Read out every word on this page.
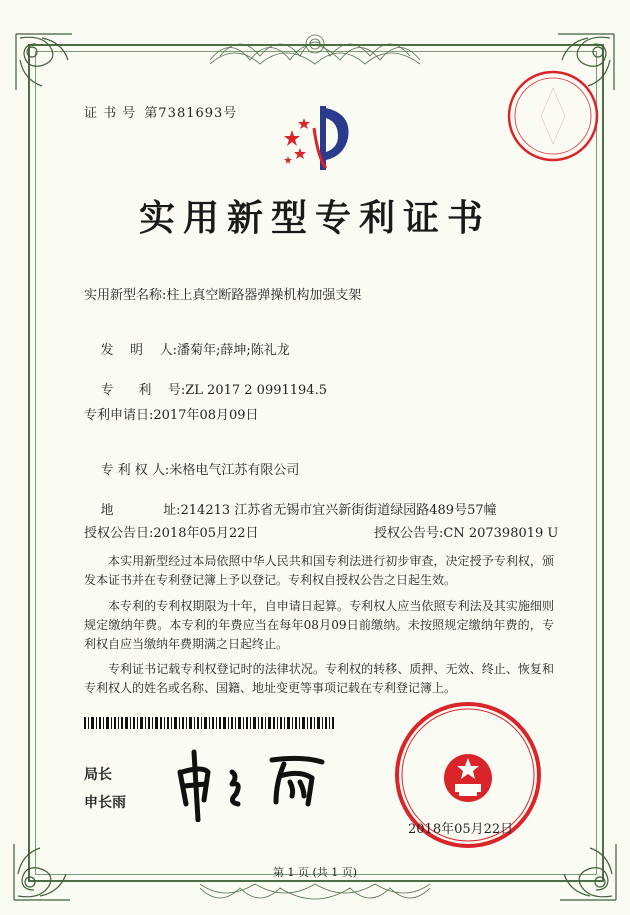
证 书 号 第7381693号
实用新型专利证书
实用新型名称:柱上真空断路器弹操机构加强支架

发    明    人:潘菊年;薛坤;陈礼龙

专      利    号:ZL 2017 2 0991194.5

专利申请日:2017年08月09日

专 利 权 人:米格电气江苏有限公司

地            址:214213 江苏省无锡市宜兴新街街道绿园路489号57幢

授权公告日:2018年05月22日	授权公告号:CN 207398019 U

本实用新型经过本局依照中华人民共和国专利法进行初步审查，决定授予专利权，颁发本证书并在专利登记簿上予以登记。专利权自授权公告之日起生效。

本专利的专利权期限为十年，自申请日起算。专利权人应当依照专利法及其实施细则规定缴纳年费。本专利的年费应当在每年08月09日前缴纳。未按照规定缴纳年费的，专利权自应当缴纳年费期满之日起终止。

专利证书记载专利权登记时的法律状况。专利权的转移、质押、无效、终止、恢复和专利权人的姓名或名称、国籍、地址变更等事项记载在专利登记簿上。

局长
申长雨
2018年05月22日
第 1 页 (共 1 页)
